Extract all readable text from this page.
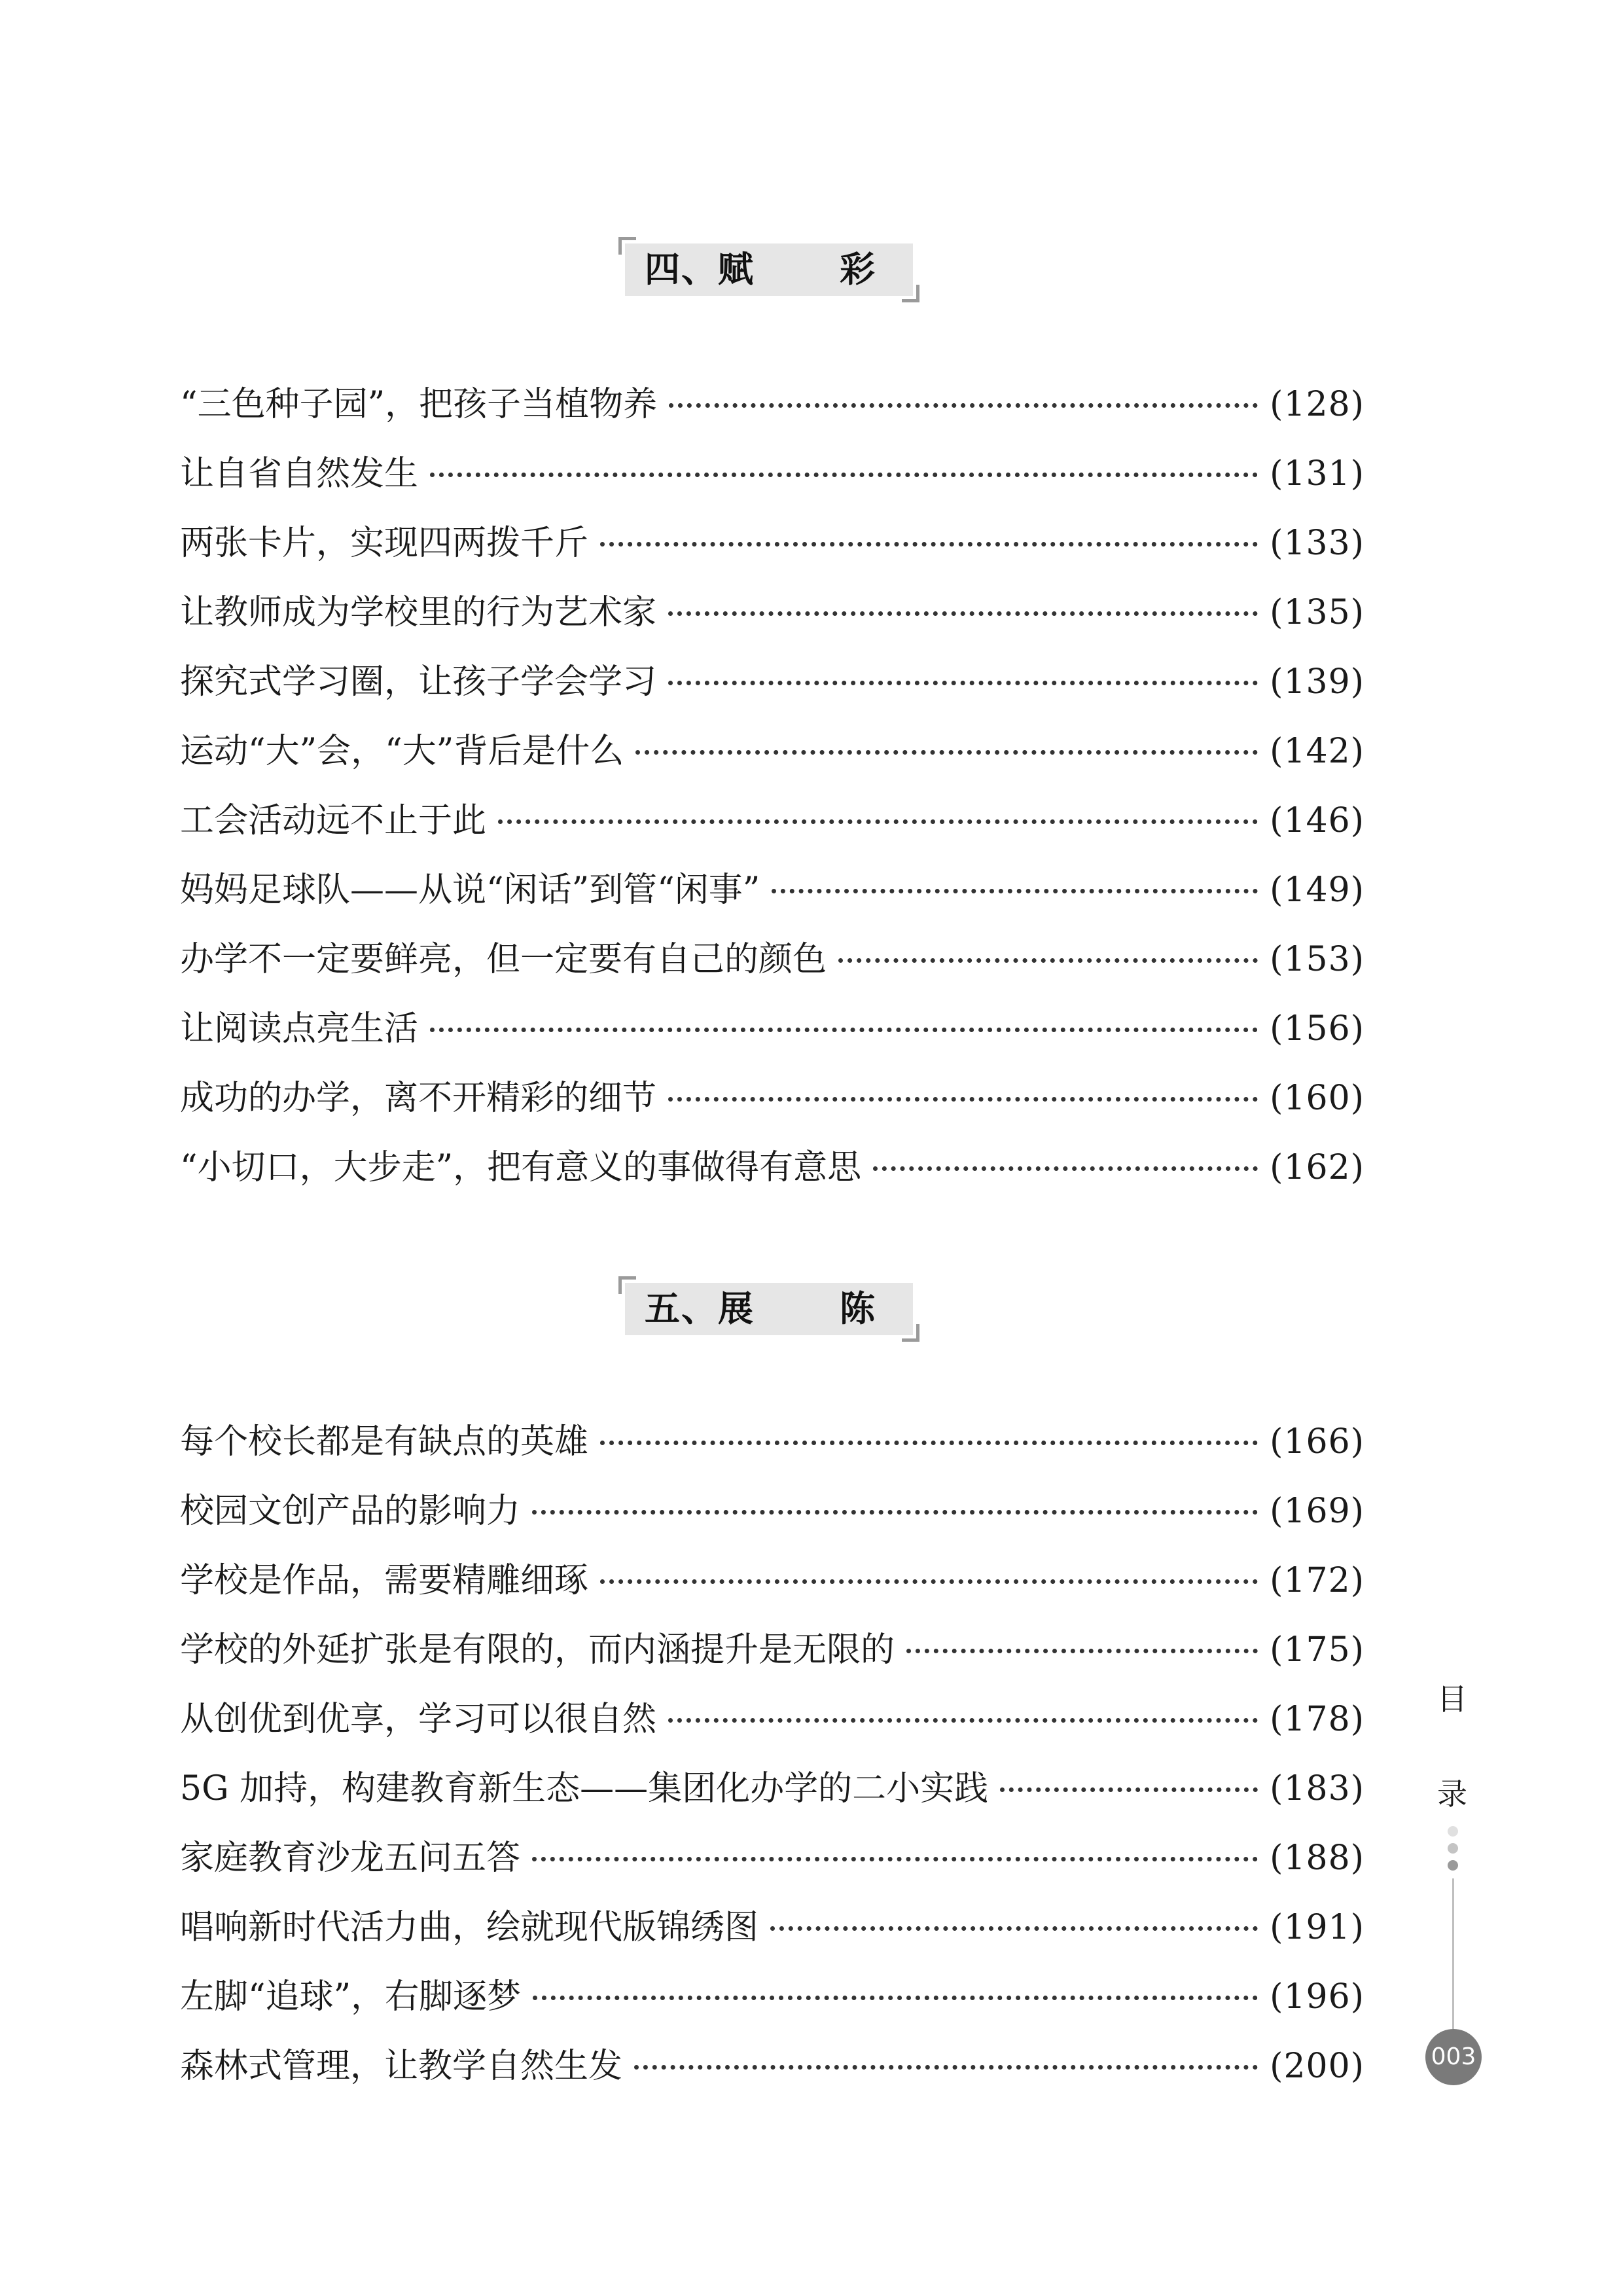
四、赋 彩
“三色种子园”，把孩子当植物养	(128)
让自省自然发生	(131)
两张卡片，实现四两拨千斤	(133)
让教师成为学校里的行为艺术家	(135)
探究式学习圈，让孩子学会学习	(139)
运动“大”会，“大”背后是什么	(142)
工会活动远不止于此	(146)
妈妈足球队——从说“闲话”到管“闲事”	(149)
办学不一定要鲜亮，但一定要有自己的颜色	(153)
让阅读点亮生活	(156)
成功的办学，离不开精彩的细节	(160)
“小切口，大步走”，把有意义的事做得有意思	(162)
五、展 陈
每个校长都是有缺点的英雄	(166)
校园文创产品的影响力	(169)
学校是作品，需要精雕细琢	(172)
学校的外延扩张是有限的，而内涵提升是无限的	(175)
从创优到优享，学习可以很自然	(178)
5G 加持，构建教育新生态——集团化办学的二小实践	(183)
家庭教育沙龙五问五答	(188)
唱响新时代活力曲，绘就现代版锦绣图	(191)
左脚“追球”，右脚逐梦	(196)
森林式管理，让教学自然生发	(200)
目
录
003
